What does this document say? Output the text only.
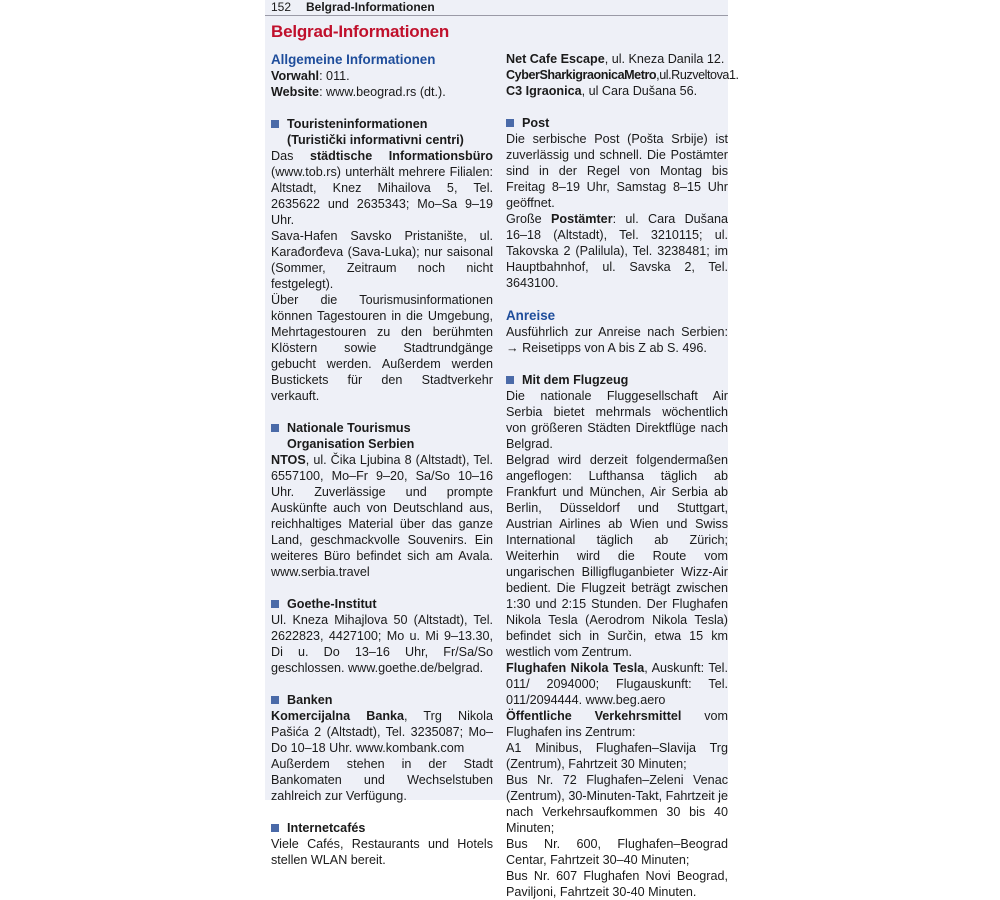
152 Belgrad-Informationen
Belgrad-Informationen
Allgemeine Informationen

Vorwahl: 011.

Website: www.beograd.rs (dt.).

Touristeninformationen
(Turistički informativni centri)

Das städtische Informationsbüro (www.tob.rs) unterhält mehrere Filialen: Altstadt, Knez Mihailova 5, Tel. 2635622 und 2635343; Mo–Sa 9–19 Uhr.

Sava-Hafen Savsko Pristanište, ul. Karađorđeva (Sava-Luka); nur saisonal (Sommer, Zeitraum noch nicht festgelegt).

Über die Tourismusinformationen können Tagestouren in die Umgebung, Mehrtagestouren zu den berühmten Klöstern sowie Stadtrundgänge gebucht werden. Außerdem werden Bustickets für den Stadtverkehr verkauft.

Nationale Tourismus
Organisation Serbien

NTOS, ul. Čika Ljubina 8 (Altstadt), Tel. 6557100, Mo–Fr 9–20, Sa/So 10–16 Uhr. Zuverlässige und prompte Auskünfte auch von Deutschland aus, reichhaltiges Material über das ganze Land, geschmackvolle Souvenirs. Ein weiteres Büro befindet sich am Avala. www.serbia.travel

Goethe-Institut

Ul. Kneza Mihajlova 50 (Altstadt), Tel. 2622823, 4427100; Mo u. Mi 9–13.30, Di u. Do 13–16 Uhr, Fr/Sa/So geschlossen. www.goethe.de/belgrad.

Banken

Komercijalna Banka, Trg Nikola Pašića 2 (Altstadt), Tel. 3235087; Mo–Do 10–18 Uhr. www.kombank.com

Außerdem stehen in der Stadt Bankomaten und Wechselstuben zahlreich zur Verfügung.

Internetcafés

Viele Cafés, Restaurants und Hotels stellen WLAN bereit.

Net Cafe Escape, ul. Kneza Danila 12.

CyberSharkigraonicaMetro,ul.Ruzveltova1.

C3 Igraonica, ul Cara Dušana 56.

Post

Die serbische Post (Pošta Srbije) ist zuverlässig und schnell. Die Postämter sind in der Regel von Montag bis Freitag 8–19 Uhr, Samstag 8–15 Uhr geöffnet.

Große Postämter: ul. Cara Dušana 16–18 (Altstadt), Tel. 3210115; ul. Takovska 2 (Palilula), Tel. 3238481; im Hauptbahnhof, ul. Savska 2, Tel. 3643100.

Anreise

Ausführlich zur Anreise nach Serbien: → Reisetipps von A bis Z ab S. 496.

Mit dem Flugzeug

Die nationale Fluggesellschaft Air Serbia bietet mehrmals wöchentlich von größeren Städten Direktflüge nach Belgrad.

Belgrad wird derzeit folgendermaßen angeflogen: Lufthansa täglich ab Frankfurt und München, Air Serbia ab Berlin, Düsseldorf und Stuttgart, Austrian Airlines ab Wien und Swiss International täglich ab Zürich; Weiterhin wird die Route vom ungarischen Billigfluganbieter Wizz-Air bedient. Die Flugzeit beträgt zwischen 1:30 und 2:15 Stunden. Der Flughafen Nikola Tesla (Aerodrom Nikola Tesla) befindet sich in Surčin, etwa 15 km westlich vom Zentrum.

Flughafen Nikola Tesla, Auskunft: Tel. 011/ 2094000; Flugauskunft: Tel. 011/2094444. www.beg.aero

Öffentliche Verkehrsmittel vom Flughafen ins Zentrum:

A1 Minibus, Flughafen–Slavija Trg (Zentrum), Fahrtzeit 30 Minuten;

Bus Nr. 72 Flughafen–Zeleni Venac (Zentrum), 30-Minuten-Takt, Fahrtzeit je nach Verkehrsaufkommen 30 bis 40 Minuten;

Bus Nr. 600, Flughafen–Beograd Centar, Fahrtzeit 30–40 Minuten;

Bus Nr. 607 Flughafen Novi Beograd, Paviljoni, Fahrtzeit 30-40 Minuten.
